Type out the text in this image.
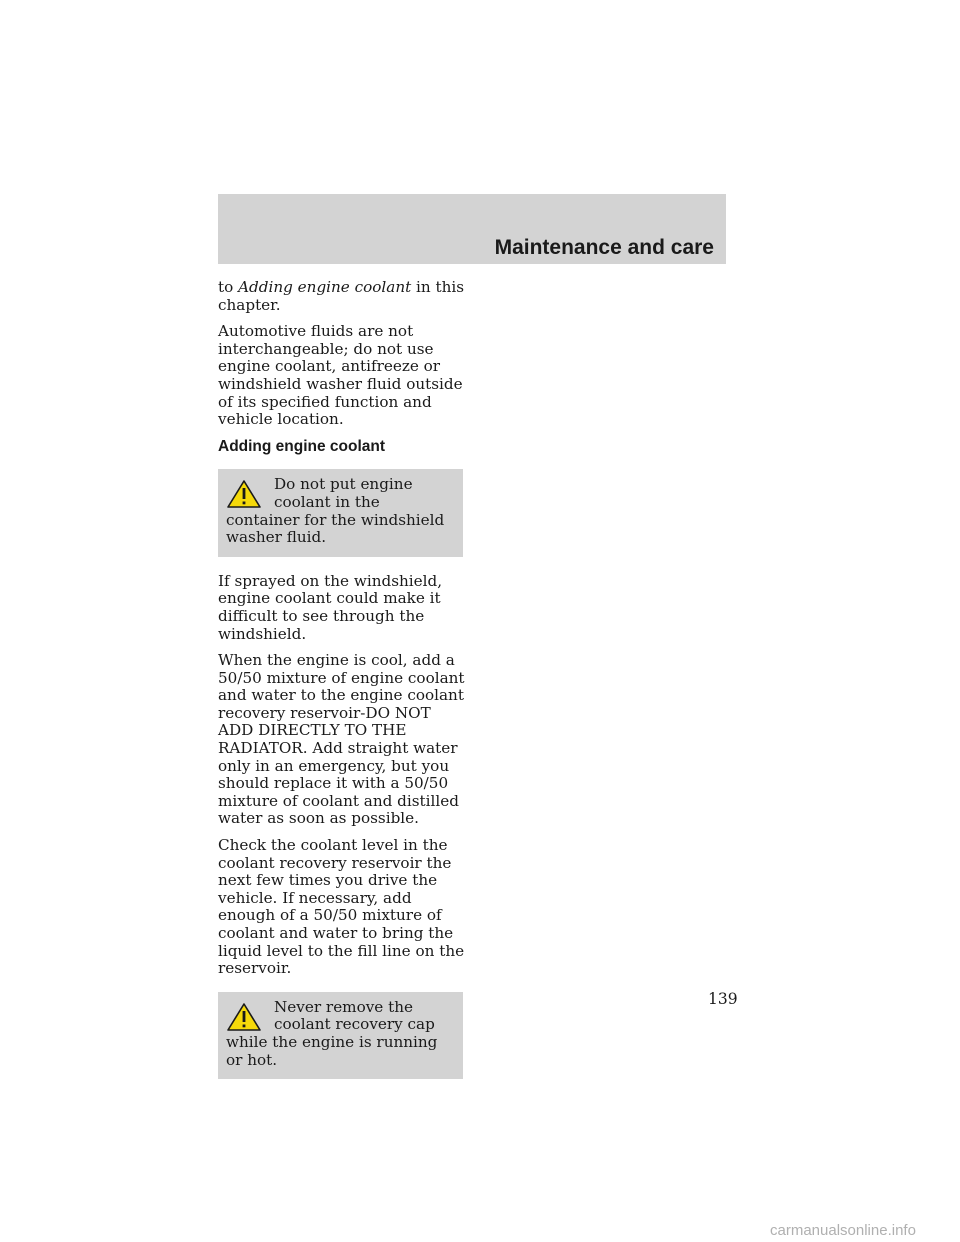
Maintenance and care

to Adding engine coolant in this chapter.

Automotive fluids are not interchangeable; do not use engine coolant, antifreeze or windshield washer fluid outside of its specified function and vehicle location.

Adding engine coolant
Do not put engine coolant in the container for the windshield washer fluid.

If sprayed on the windshield, engine coolant could make it difficult to see through the windshield.

When the engine is cool, add a 50/50 mixture of engine coolant and water to the engine coolant recovery reservoir-DO NOT ADD DIRECTLY TO THE RADIATOR. Add straight water only in an emergency, but you should replace it with a 50/50 mixture of coolant and distilled water as soon as possible.

Check the coolant level in the coolant recovery reservoir the next few times you drive the vehicle. If necessary, add enough of a 50/50 mixture of coolant and water to bring the liquid level to the fill line on the reservoir.

Never remove the coolant recovery cap while the engine is running or hot.
139
carmanualsonline.info
